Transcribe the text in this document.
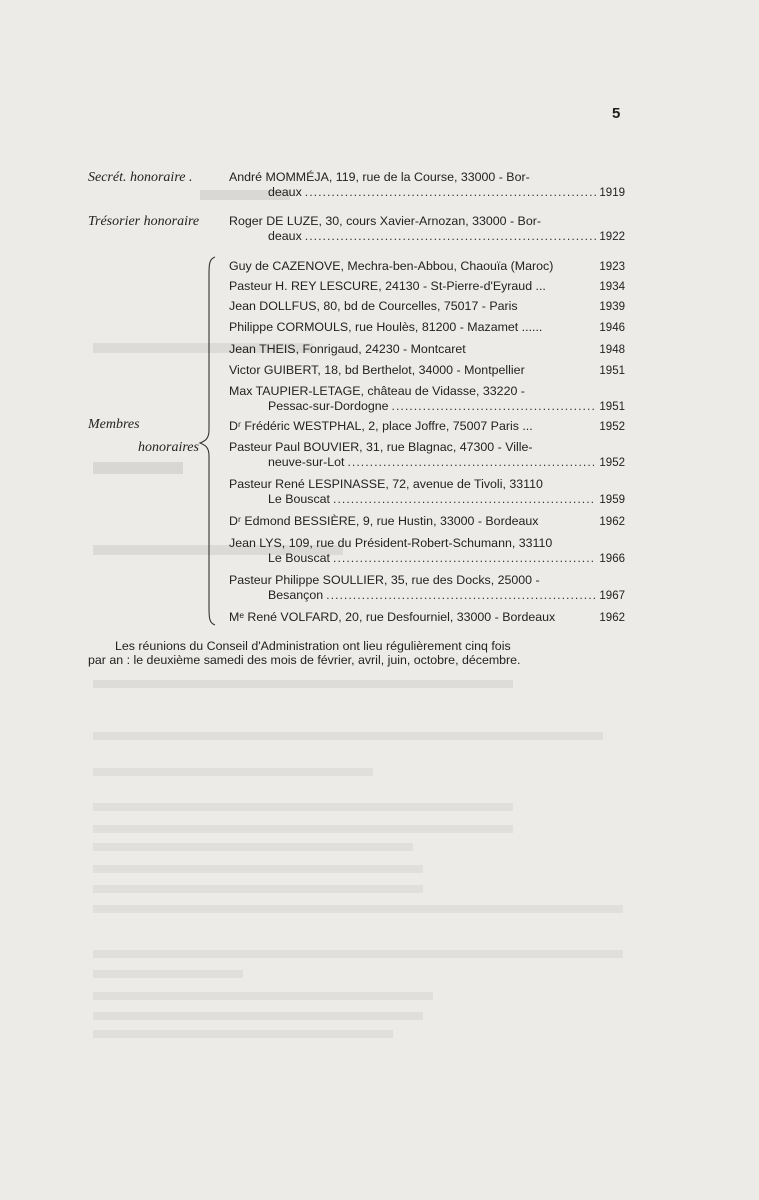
5
Secrét. honoraire .	André MOMMÉJA, 119, rue de la Course, 33000 - Bor-
deaux .....	1919
Trésorier honoraire Roger DE LUZE, 30, cours Xavier-Arnozan, 33000 - Bor-
deaux .....	1922
Membres
honoraires
Guy de CAZENOVE, Mechra-ben-Abbou, Chaouïa (Maroc)	1923
Pasteur H. REY LESCURE, 24130 - St-Pierre-d'Eyraud ...	1934
Jean DOLLFUS, 80, bd de Courcelles, 75017 - Paris	1939
Philippe CORMOULS, rue Houlès, 81200 - Mazamet ......	1946
Jean THEIS, Fonrigaud, 24230 - Montcaret	1948
Victor GUIBERT, 18, bd Berthelot, 34000 - Montpellier	1951
Max TAUPIER-LETAGE, château de Vidasse, 33220 -
Pessac-sur-Dordogne .....	1951
Dʳ Frédéric WESTPHAL, 2, place Joffre, 75007 Paris ...	1952
Pasteur Paul BOUVIER, 31, rue Blagnac, 47300 - Ville-
neuve-sur-Lot .....	1952
Pasteur René LESPINASSE, 72, avenue de Tivoli, 33110
Le Bouscat .....	1959
Dʳ Edmond BESSIÈRE, 9, rue Hustin, 33000 - Bordeaux	1962
Jean LYS, 109, rue du Président-Robert-Schumann, 33110
Le Bouscat .....	1966
Pasteur Philippe SOULLIER, 35, rue des Docks, 25000 -
Besançon .....	1967
Mᵉ René VOLFARD, 20, rue Desfourniel, 33000 - Bordeaux	1962
Les réunions du Conseil d'Administration ont lieu régulièrement cinq fois
par an : le deuxième samedi des mois de février, avril, juin, octobre, décembre.
